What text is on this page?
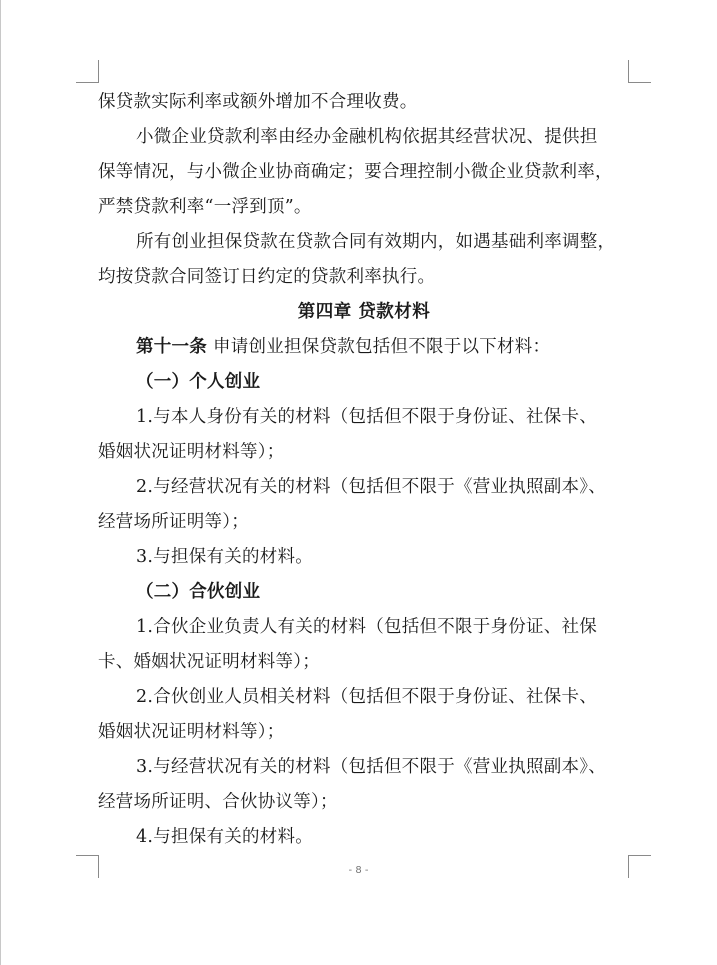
保贷款实际利率或额外增加不合理收费。
小微企业贷款利率由经办金融机构依据其经营状况、提供担
保等情况，与小微企业协商确定；要合理控制小微企业贷款利率，
严禁贷款利率“一浮到顶”。
所有创业担保贷款在贷款合同有效期内，如遇基础利率调整，
均按贷款合同签订日约定的贷款利率执行。
第四章 贷款材料
第十一条 申请创业担保贷款包括但不限于以下材料：
（一）个人创业
1.与本人身份有关的材料（包括但不限于身份证、社保卡、
婚姻状况证明材料等）；
2.与经营状况有关的材料（包括但不限于《营业执照副本》、
经营场所证明等）；
3.与担保有关的材料。
（二）合伙创业
1.合伙企业负责人有关的材料（包括但不限于身份证、社保
卡、婚姻状况证明材料等）；
2.合伙创业人员相关材料（包括但不限于身份证、社保卡、
婚姻状况证明材料等）；
3.与经营状况有关的材料（包括但不限于《营业执照副本》、
经营场所证明、合伙协议等）；
4.与担保有关的材料。
- 8 -
